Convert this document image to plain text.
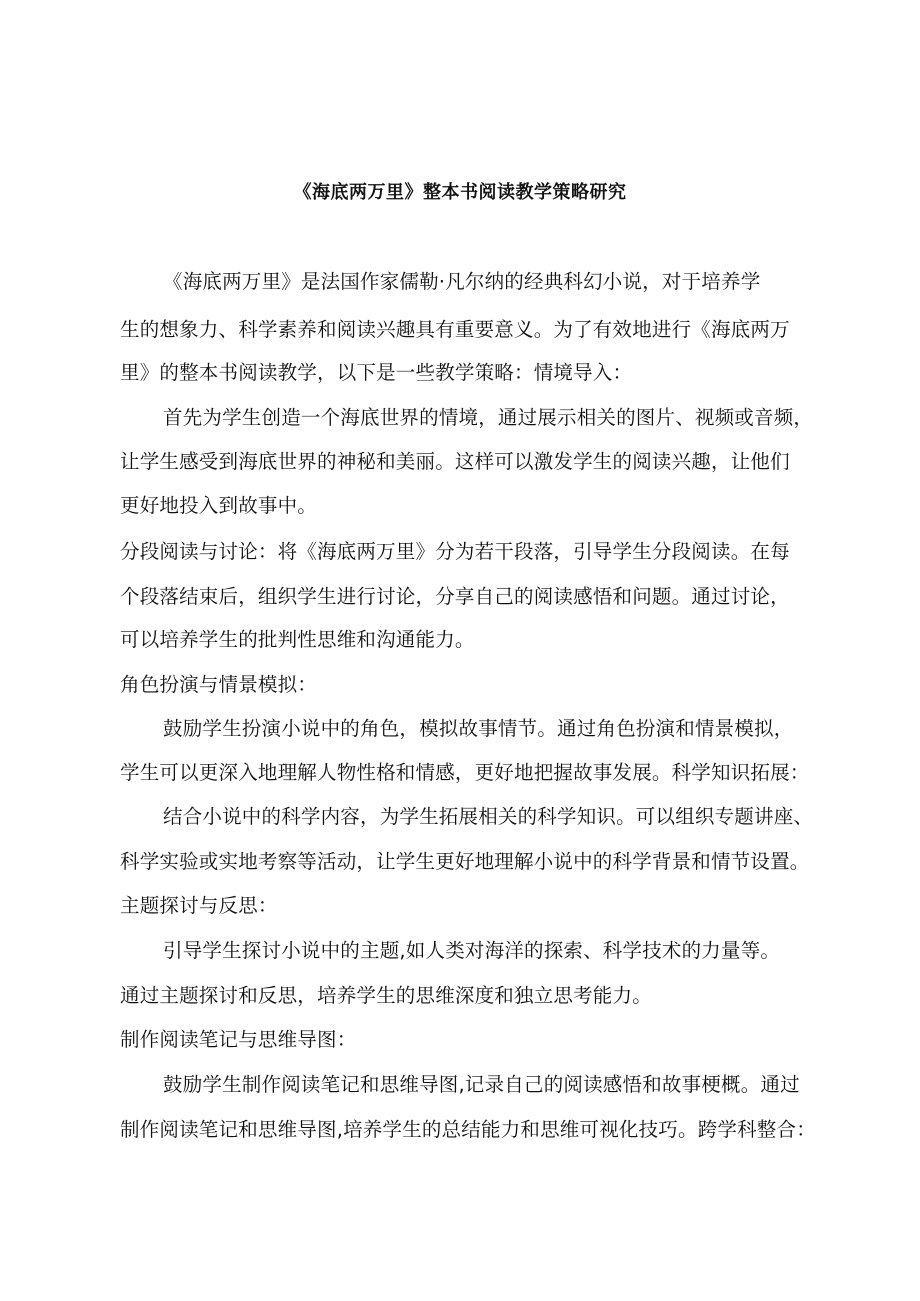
《海底两万里》整本书阅读教学策略研究
《海底两万里》是法国作家儒勒·凡尔纳的经典科幻小说，对于培养学
生的想象力、科学素养和阅读兴趣具有重要意义。为了有效地进行《海底两万
里》的整本书阅读教学，以下是一些教学策略：情境导入：
首先为学生创造一个海底世界的情境，通过展示相关的图片、视频或音频，
让学生感受到海底世界的神秘和美丽。这样可以激发学生的阅读兴趣，让他们
更好地投入到故事中。
分段阅读与讨论：将《海底两万里》分为若干段落，引导学生分段阅读。在每
个段落结束后，组织学生进行讨论，分享自己的阅读感悟和问题。通过讨论，
可以培养学生的批判性思维和沟通能力。
角色扮演与情景模拟：
鼓励学生扮演小说中的角色，模拟故事情节。通过角色扮演和情景模拟，
学生可以更深入地理解人物性格和情感，更好地把握故事发展。科学知识拓展：
结合小说中的科学内容，为学生拓展相关的科学知识。可以组织专题讲座、
科学实验或实地考察等活动，让学生更好地理解小说中的科学背景和情节设置。
主题探讨与反思：
引导学生探讨小说中的主题,如人类对海洋的探索、科学技术的力量等。
通过主题探讨和反思，培养学生的思维深度和独立思考能力。
制作阅读笔记与思维导图：
鼓励学生制作阅读笔记和思维导图,记录自己的阅读感悟和故事梗概。通过
制作阅读笔记和思维导图,培养学生的总结能力和思维可视化技巧。跨学科整合：
